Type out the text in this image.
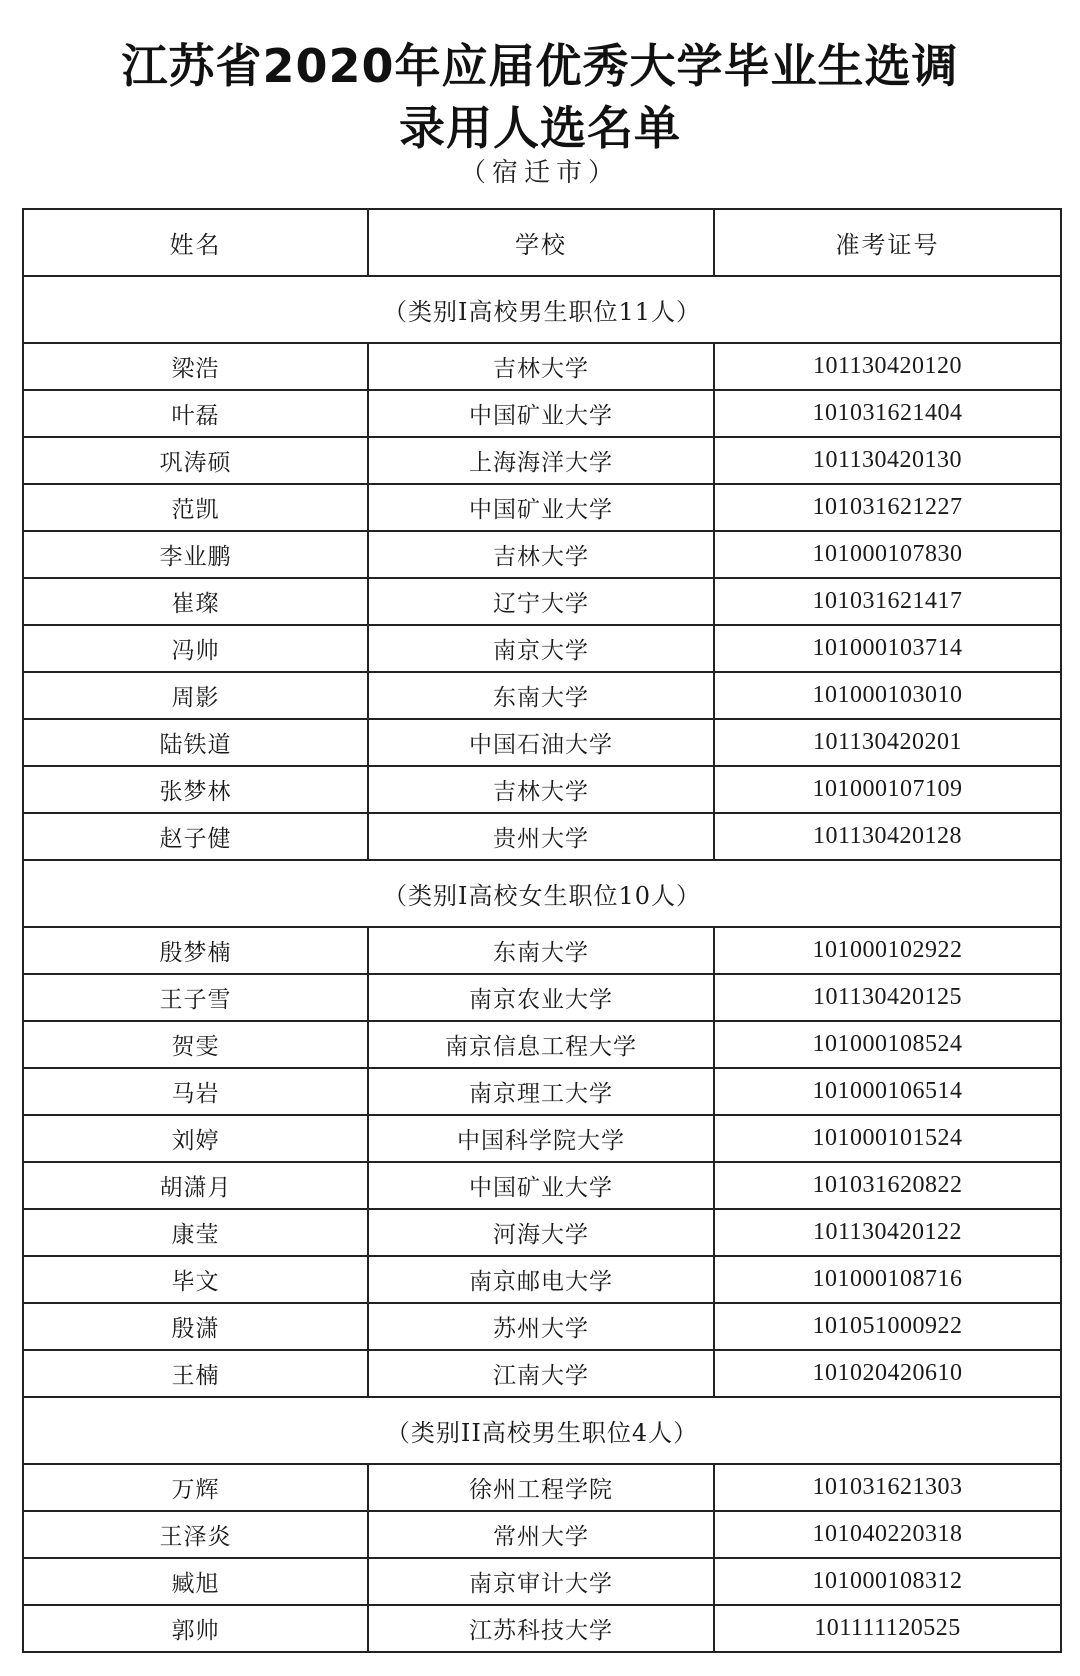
江苏省2020年应届优秀大学毕业生选调
录用人选名单
（宿迁市）
姓名	学校	准考证号
（类别I高校男生职位11人）		
梁浩	吉林大学	101130420120
叶磊	中国矿业大学	101031621404
巩涛硕	上海海洋大学	101130420130
范凯	中国矿业大学	101031621227
李业鹏	吉林大学	101000107830
崔璨	辽宁大学	101031621417
冯帅	南京大学	101000103714
周影	东南大学	101000103010
陆铁道	中国石油大学	101130420201
张梦林	吉林大学	101000107109
赵子健	贵州大学	101130420128
（类别I高校女生职位10人）		
殷梦楠	东南大学	101000102922
王子雪	南京农业大学	101130420125
贺雯	南京信息工程大学	101000108524
马岩	南京理工大学	101000106514
刘婷	中国科学院大学	101000101524
胡潇月	中国矿业大学	101031620822
康莹	河海大学	101130420122
毕文	南京邮电大学	101000108716
殷潇	苏州大学	101051000922
王楠	江南大学	101020420610
（类别II高校男生职位4人）		
万辉	徐州工程学院	101031621303
王泽炎	常州大学	101040220318
臧旭	南京审计大学	101000108312
郭帅	江苏科技大学	101111120525
